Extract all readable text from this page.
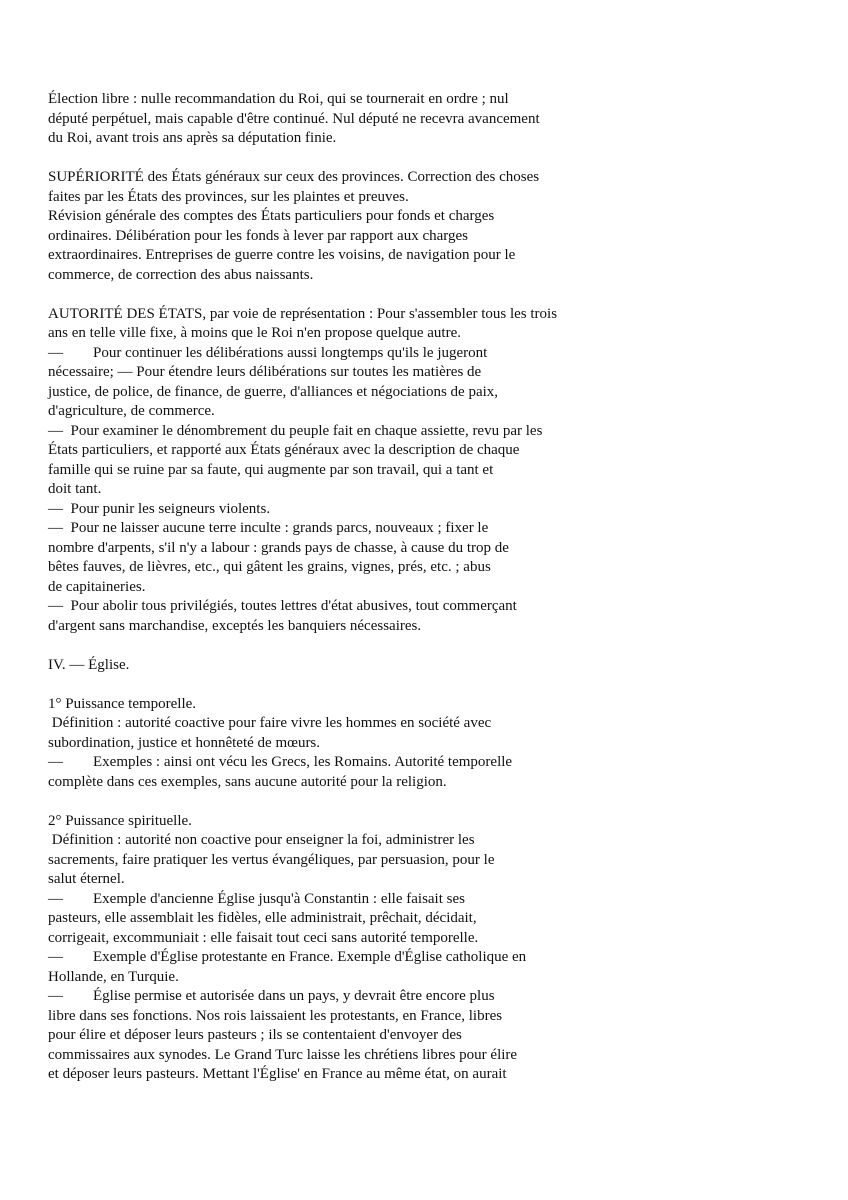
Élection libre : nulle recommandation du Roi, qui se tournerait en ordre ; nul
député perpétuel, mais capable d'être continué. Nul député ne recevra avancement
du Roi, avant trois ans après sa députation finie.
SUPÉRIORITÉ des États généraux sur ceux des provinces. Correction des choses
faites par les États des provinces, sur les plaintes et preuves.
Révision générale des comptes des États particuliers pour fonds et charges
ordinaires. Délibération pour les fonds à lever par rapport aux charges
extraordinaires. Entreprises de guerre contre les voisins, de navigation pour le
commerce, de correction des abus naissants.
AUTORITÉ DES ÉTATS, par voie de représentation : Pour s'assembler tous les trois
ans en telle ville fixe, à moins que le Roi n'en propose quelque autre.
—        Pour continuer les délibérations aussi longtemps qu'ils le jugeront
nécessaire; — Pour étendre leurs délibérations sur toutes les matières de
justice, de police, de finance, de guerre, d'alliances et négociations de paix,
d'agriculture, de commerce.
—  Pour examiner le dénombrement du peuple fait en chaque assiette, revu par les
États particuliers, et rapporté aux États généraux avec la description de chaque
famille qui se ruine par sa faute, qui augmente par son travail, qui a tant et
doit tant.
—  Pour punir les seigneurs violents.
—  Pour ne laisser aucune terre inculte : grands parcs, nouveaux ; fixer le
nombre d'arpents, s'il n'y a labour : grands pays de chasse, à cause du trop de
bêtes fauves, de lièvres, etc., qui gâtent les grains, vignes, prés, etc. ; abus
de capitaineries.
—  Pour abolir tous privilégiés, toutes lettres d'état abusives, tout commerçant
d'argent sans marchandise, exceptés les banquiers nécessaires.
IV. — Église.
1° Puissance temporelle.
Définition : autorité coactive pour faire vivre les hommes en société avec
subordination, justice et honnêteté de mœurs.
—        Exemples : ainsi ont vécu les Grecs, les Romains. Autorité temporelle
complète dans ces exemples, sans aucune autorité pour la religion.
2° Puissance spirituelle.
Définition : autorité non coactive pour enseigner la foi, administrer les
sacrements, faire pratiquer les vertus évangéliques, par persuasion, pour le
salut éternel.
—        Exemple d'ancienne Église jusqu'à Constantin : elle faisait ses
pasteurs, elle assemblait les fidèles, elle administrait, prêchait, décidait,
corrigeait, excommuniait : elle faisait tout ceci sans autorité temporelle.
—        Exemple d'Église protestante en France. Exemple d'Église catholique en
Hollande, en Turquie.
—        Église permise et autorisée dans un pays, y devrait être encore plus
libre dans ses fonctions. Nos rois laissaient les protestants, en France, libres
pour élire et déposer leurs pasteurs ; ils se contentaient d'envoyer des
commissaires aux synodes. Le Grand Turc laisse les chrétiens libres pour élire
et déposer leurs pasteurs. Mettant l'Église' en France au même état, on aurait
